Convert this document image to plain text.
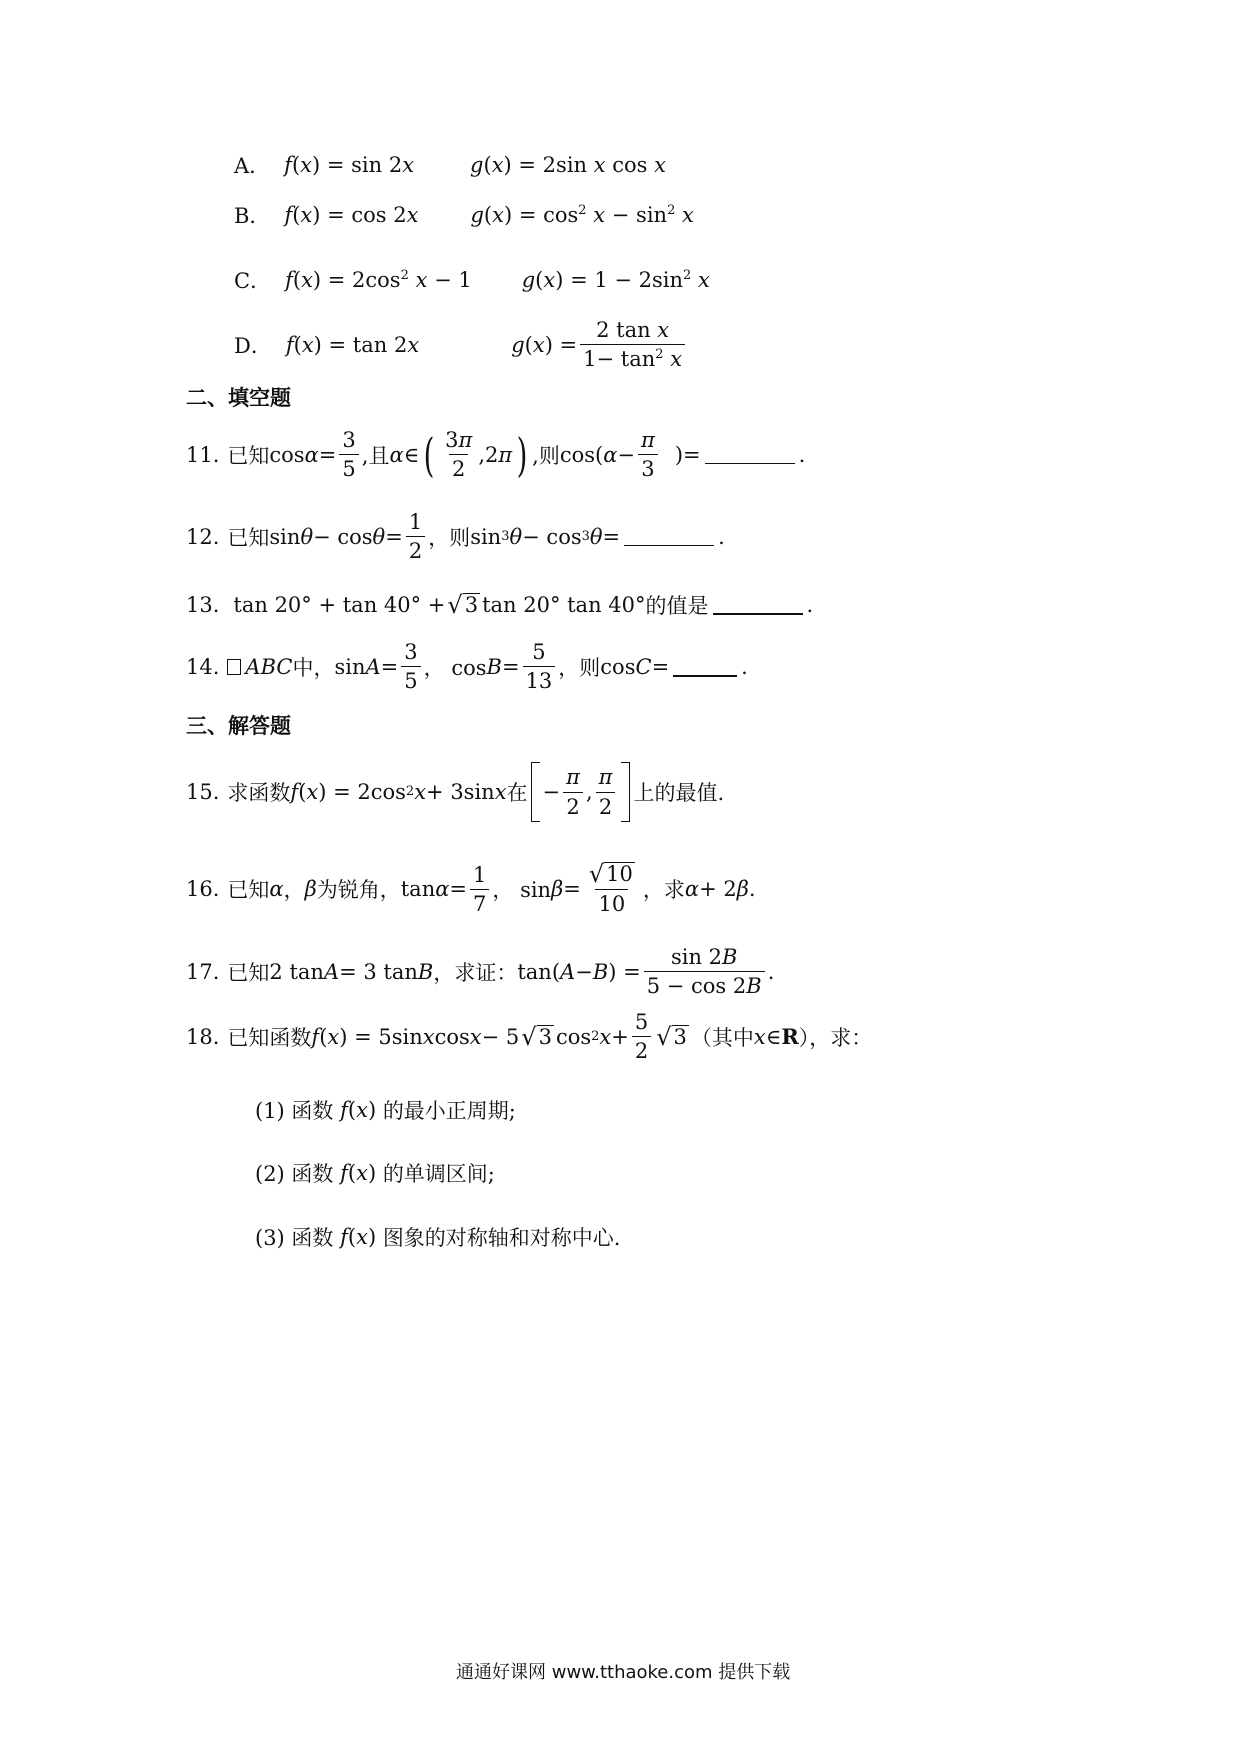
A． f(x) = sin 2x	g(x) = 2sin x cos x
B． f(x) = cos 2x $g(x) = \cos^2 x - \sin^2 x$
C． $f(x) = 2\cos^2$ x − 1 $g(x) = 1 - 2\sin^2$ x
D． f(x) = tan 2x	g ( x ) = $\frac{\text{2 tan x}}{1- \tan^2 x}$
二、填空题
11. 已知 $\cos \alpha = \frac{3}{5}$ ,且 α ∈ ( $\frac{3\pi}{2} ,2$ π ) ,则 cos( $\alpha - \frac{\pi}{3}$ )=	.
12. 已知 $\sin \theta - \cos \theta = \frac{1}{2}$ ，则 sin 3 θ − cos 3 θ =	.
13. tan 20° + tan 40° + √ 3 tan 20° tan 40° 的值是	.
14. ABC 中， $\sin A = \frac{3}{5}$ ， $\cos B = \frac{5}{13}$ ，则 cos C =	.
三、解答题
15. 求函数 f ( x ) = 2cos 2 x + 3sin x 在 − $\frac{\pi}{2}$ , $\frac{\pi}{2}$ 上的最值.
16. 已知 α ， β 为锐角， $\tan \alpha = \frac{1}{7}$ ， $\sin \beta = \frac{√ 10}{10}$ ， 求 α + 2 β .
17. 已知 2 tan A = 3 tan B ，求证： tan( A − B ) = $\frac{\sin 2B}{5 - \cos 2B}$ .
18. 已知函数 f ( x ) = 5sin x cos x − 5 √ 3 cos 2 $x + \frac{5}{2}$ √ 3 （其中 x ∈ R ），求：
(1) 函数
f ( x ) 的最小正周期;
(2) 函数
f ( x ) 的单调区间;
(3) 函数
f ( x ) 图象的对称轴和对称中心.
通通好课网 www.tthaoke.com 提供下载
